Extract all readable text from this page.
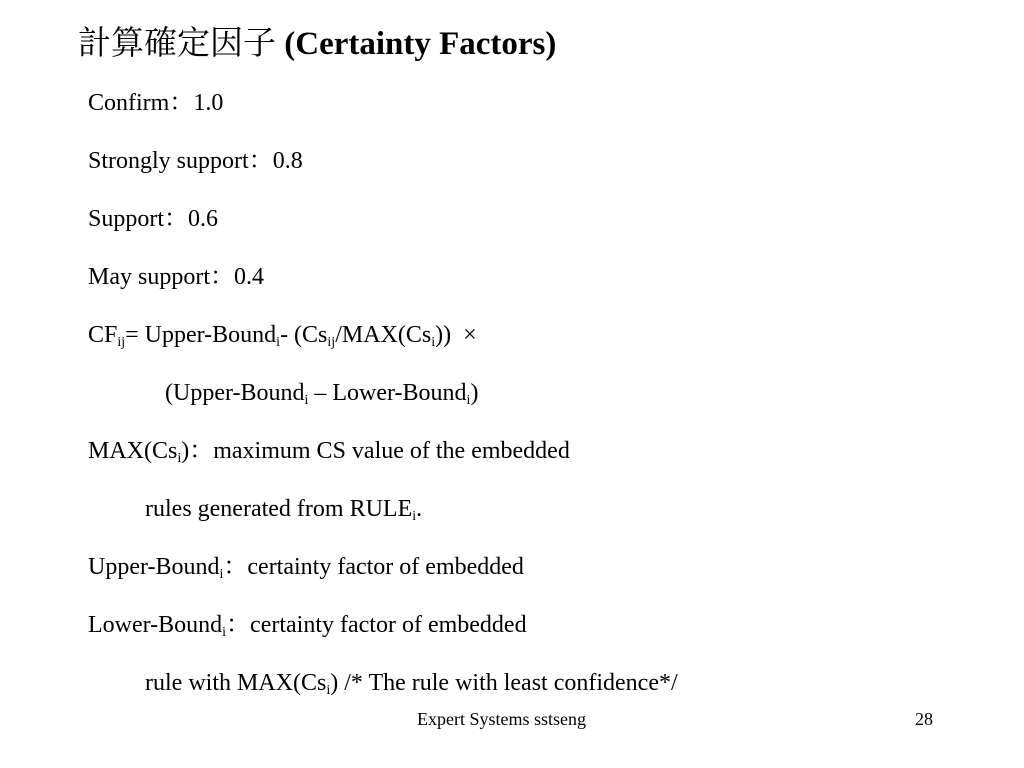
計算確定因子 (Certainty Factors)
Confirm：1.0
Strongly support：0.8
Support：0.6
May support：0.4
$CF_{ij}=$ Upper-Bound$_i$- $(Cs_{ij}/MAX(Cs_i))$ ×
(Upper-Bound$_i$ – Lower-Bound$_i$)
$MAX(Cs_i)$：maximum CS value of the embedded
rules generated from $RULE_i$.
Upper-Bound$_i$：certainty factor of embedded
Lower-Bound$_i$：certainty factor of embedded
rule with $MAX(Cs_i)$ /* The rule with least confidence*/
Expert Systems sstseng	28
